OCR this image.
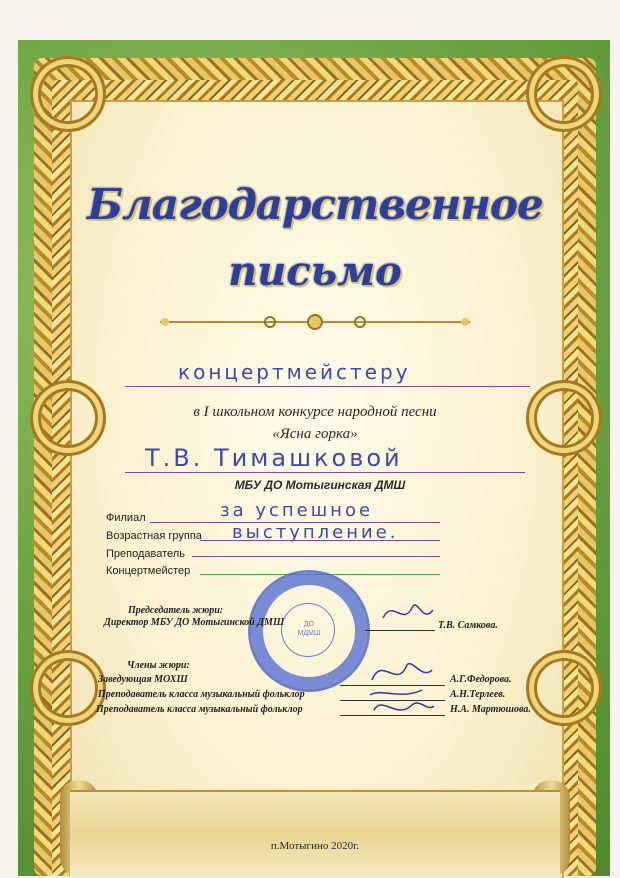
Благодарственное
письмо
концертмейстеру
в I школьном конкурсе народной песни
«Ясна горка»
Т.В. Тимашковой
МБУ ДО Мотыгинская ДМШ
Филиал	за успешное
Возрастная группа выступление.
Преподаватель
Концертмейстер
ДО
МДМШ
Председатель жюри:
Директор МБУ ДО Мотыгинской ДМШ	Т.В. Самкова.
Члены жюри:
Заведующая МОХШ	А.Г.Федорова.
Преподаватель класса музыкальный фольклор	А.Н.Терлеев.
Преподаватель класса музыкальный фольклор	Н.А. Мартюшова.
п.Мотыгино 2020г.
